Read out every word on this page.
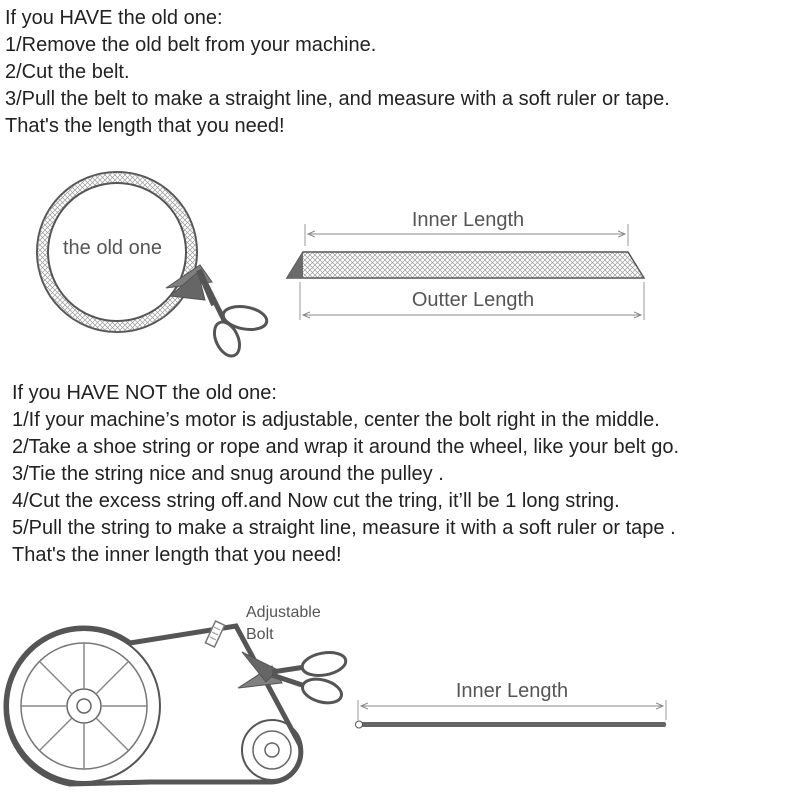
If you HAVE the old one:
1/Remove the old belt from your machine.
2/Cut the belt.
3/Pull the belt to make a straight line, and measure with a soft ruler or tape.
That's the length that you need!
If you HAVE NOT the old one:
1/If your machine’s motor is adjustable, center the bolt right in the middle.
2/Take a shoe string or rope and wrap it around the wheel, like your belt go.
3/Tie the string nice and snug around the pulley .
4/Cut the excess string off.and Now cut the tring, it’ll be 1 long string.
5/Pull the string to make a straight line, measure it with a soft ruler or tape .
That's the inner length that you need!
the old one
Inner Length
Outter Length
Adjustable
Bolt
Inner Length
